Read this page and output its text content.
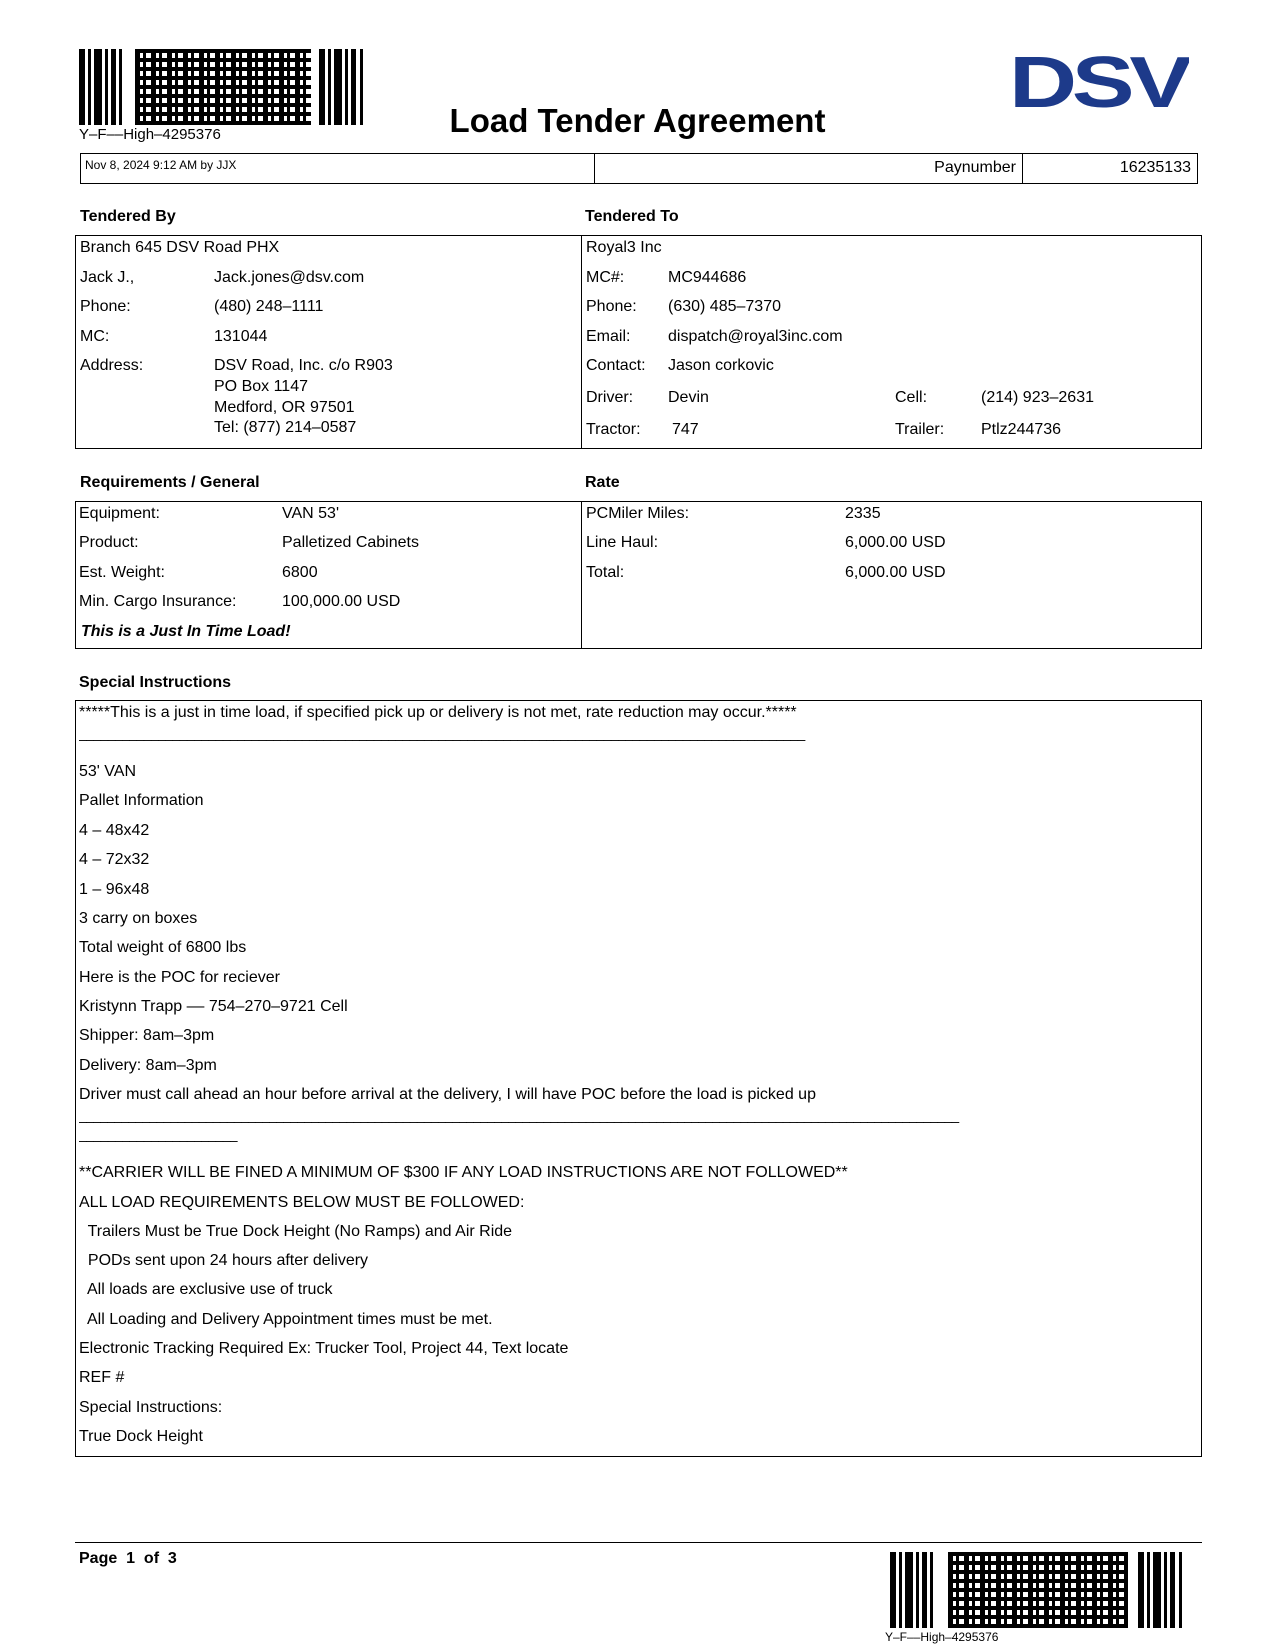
Y–F––High–4295376	Load Tender Agreement	DSV
Nov 8, 2024 9:12 AM by JJX	Paynumber	16235133
Tendered By	Tendered To
Branch 645 DSV Road PHX
Jack J.,	Jack.jones@dsv.com
Phone:	(480) 248–1111
MC:	131044
Address:	DSV Road, Inc. c/o R903
PO Box 1147
Medford, OR 97501
Tel: (877) 214–0587
Royal3 Inc
MC#:	MC944686
Phone: (630) 485–7370
Email: dispatch@royal3inc.com
Contact: Jason corkovic
Driver: Devin	Cell:	(214) 923–2631
Tractor: 747	Trailer: Ptlz244736
Requirements / General	Rate
Equipment:	VAN 53'
Product:	Palletized Cabinets
Est. Weight:	6800
Min. Cargo Insurance:	100,000.00 USD
This is a Just In Time Load!
PCMiler Miles:	2335
Line Haul:	6,000.00 USD
Total:	6,000.00 USD
Special Instructions
*****This is a just in time load, if specified pick up or delivery is not met, rate reduction may occur.*****
–––––––––––––––––––––––––––––––––––––––––––––––––––––––––––––––––––––––––––––––––––––––––––––––––––––
53' VAN
Pallet Information
4 – 48x42
4 – 72x32
1 – 96x48
3 carry on boxes
Total weight of 6800 lbs
Here is the POC for reciever
Kristynn Trapp –– 754–270–9721 Cell
Shipper: 8am–3pm
Delivery: 8am–3pm
Driver must call ahead an hour before arrival at the delivery, I will have POC before the load is picked up
–––––––––––––––––––––––––––––––––––––––––––––––––––––––––––––––––––––––––––––––––––––––––––––––––––––––––––––––––––––––––––––
––––––––––––––––––––––
**CARRIER WILL BE FINED A MINIMUM OF $300 IF ANY LOAD INSTRUCTIONS ARE NOT FOLLOWED**
ALL LOAD REQUIREMENTS BELOW MUST BE FOLLOWED:
Trailers Must be True Dock Height (No Ramps) and Air Ride
PODs sent upon 24 hours after delivery
All loads are exclusive use of truck
All Loading and Delivery Appointment times must be met.
Electronic Tracking Required Ex: Trucker Tool, Project 44, Text locate
REF #
Special Instructions:
True Dock Height
Page  1  of  3
Y–F––High–4295376
